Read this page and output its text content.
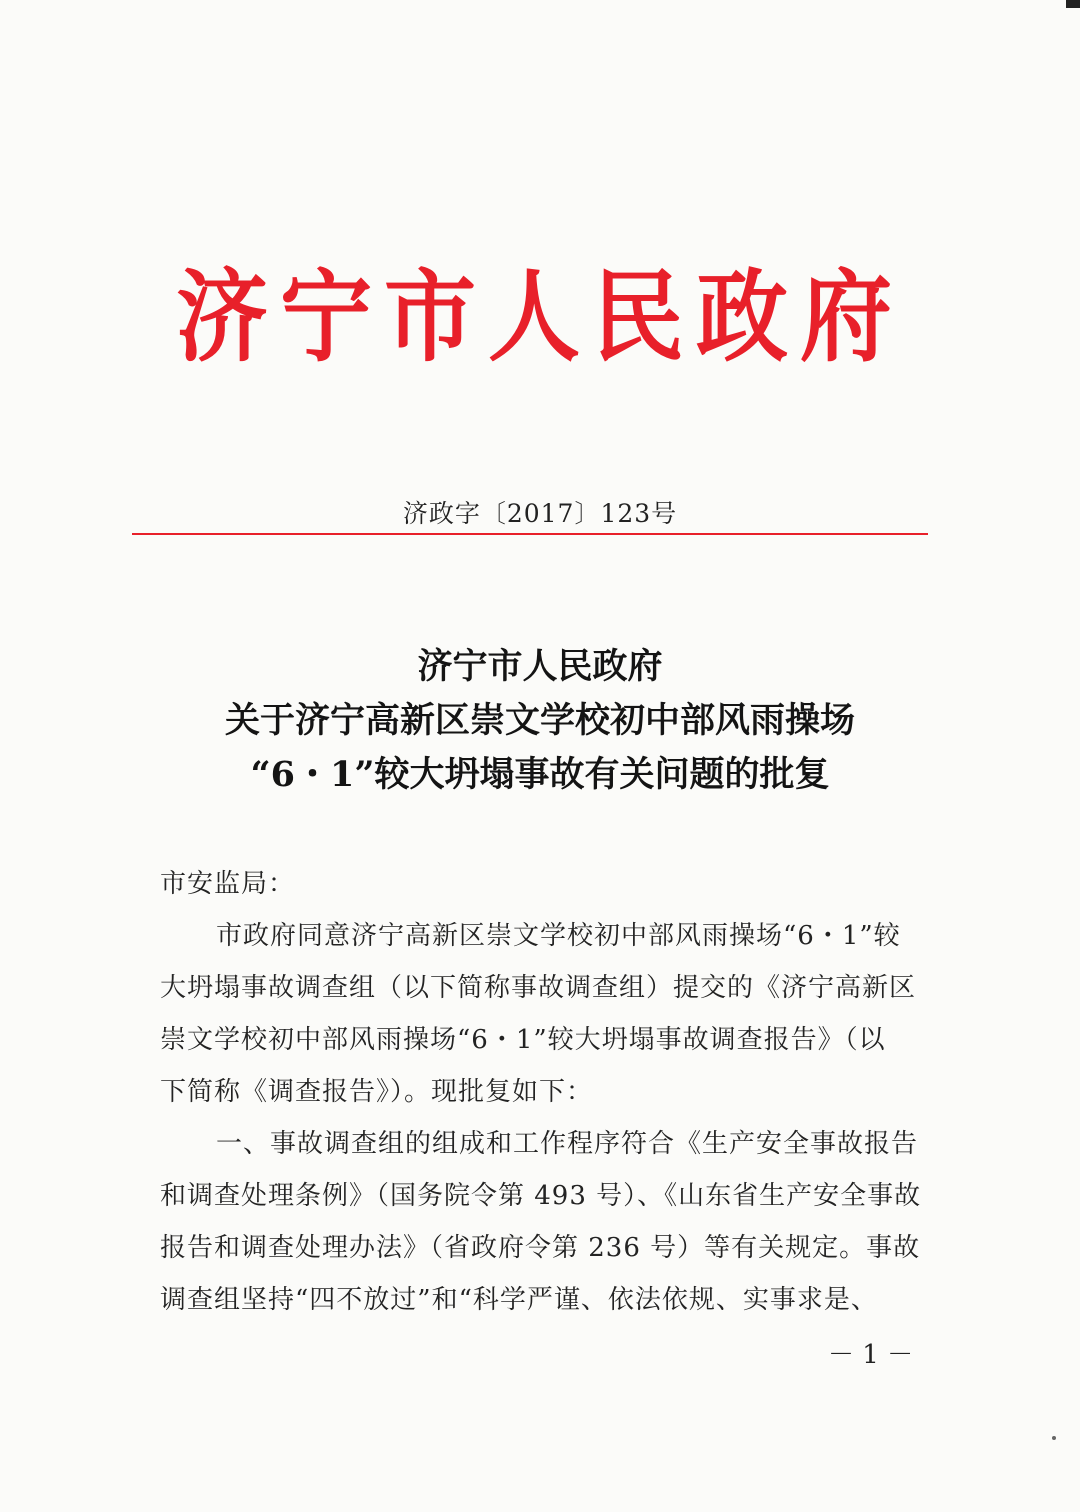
济宁市人民政府
济政字〔2017〕123号
济宁市人民政府
关于济宁高新区崇文学校初中部风雨操场
“6・1”较大坍塌事故有关问题的批复
市安监局：
市政府同意济宁高新区崇文学校初中部风雨操场“6・1”较
大坍塌事故调查组（以下简称事故调查组）提交的《济宁高新区
崇文学校初中部风雨操场“6・1”较大坍塌事故调查报告》（以
下简称《调查报告》）。现批复如下：
一、事故调查组的组成和工作程序符合《生产安全事故报告
和调查处理条例》（国务院令第 493 号）、《山东省生产安全事故
报告和调查处理办法》（省政府令第 236 号）等有关规定。事故
调查组坚持“四不放过”和“科学严谨、依法依规、实事求是、
－ 1 －
